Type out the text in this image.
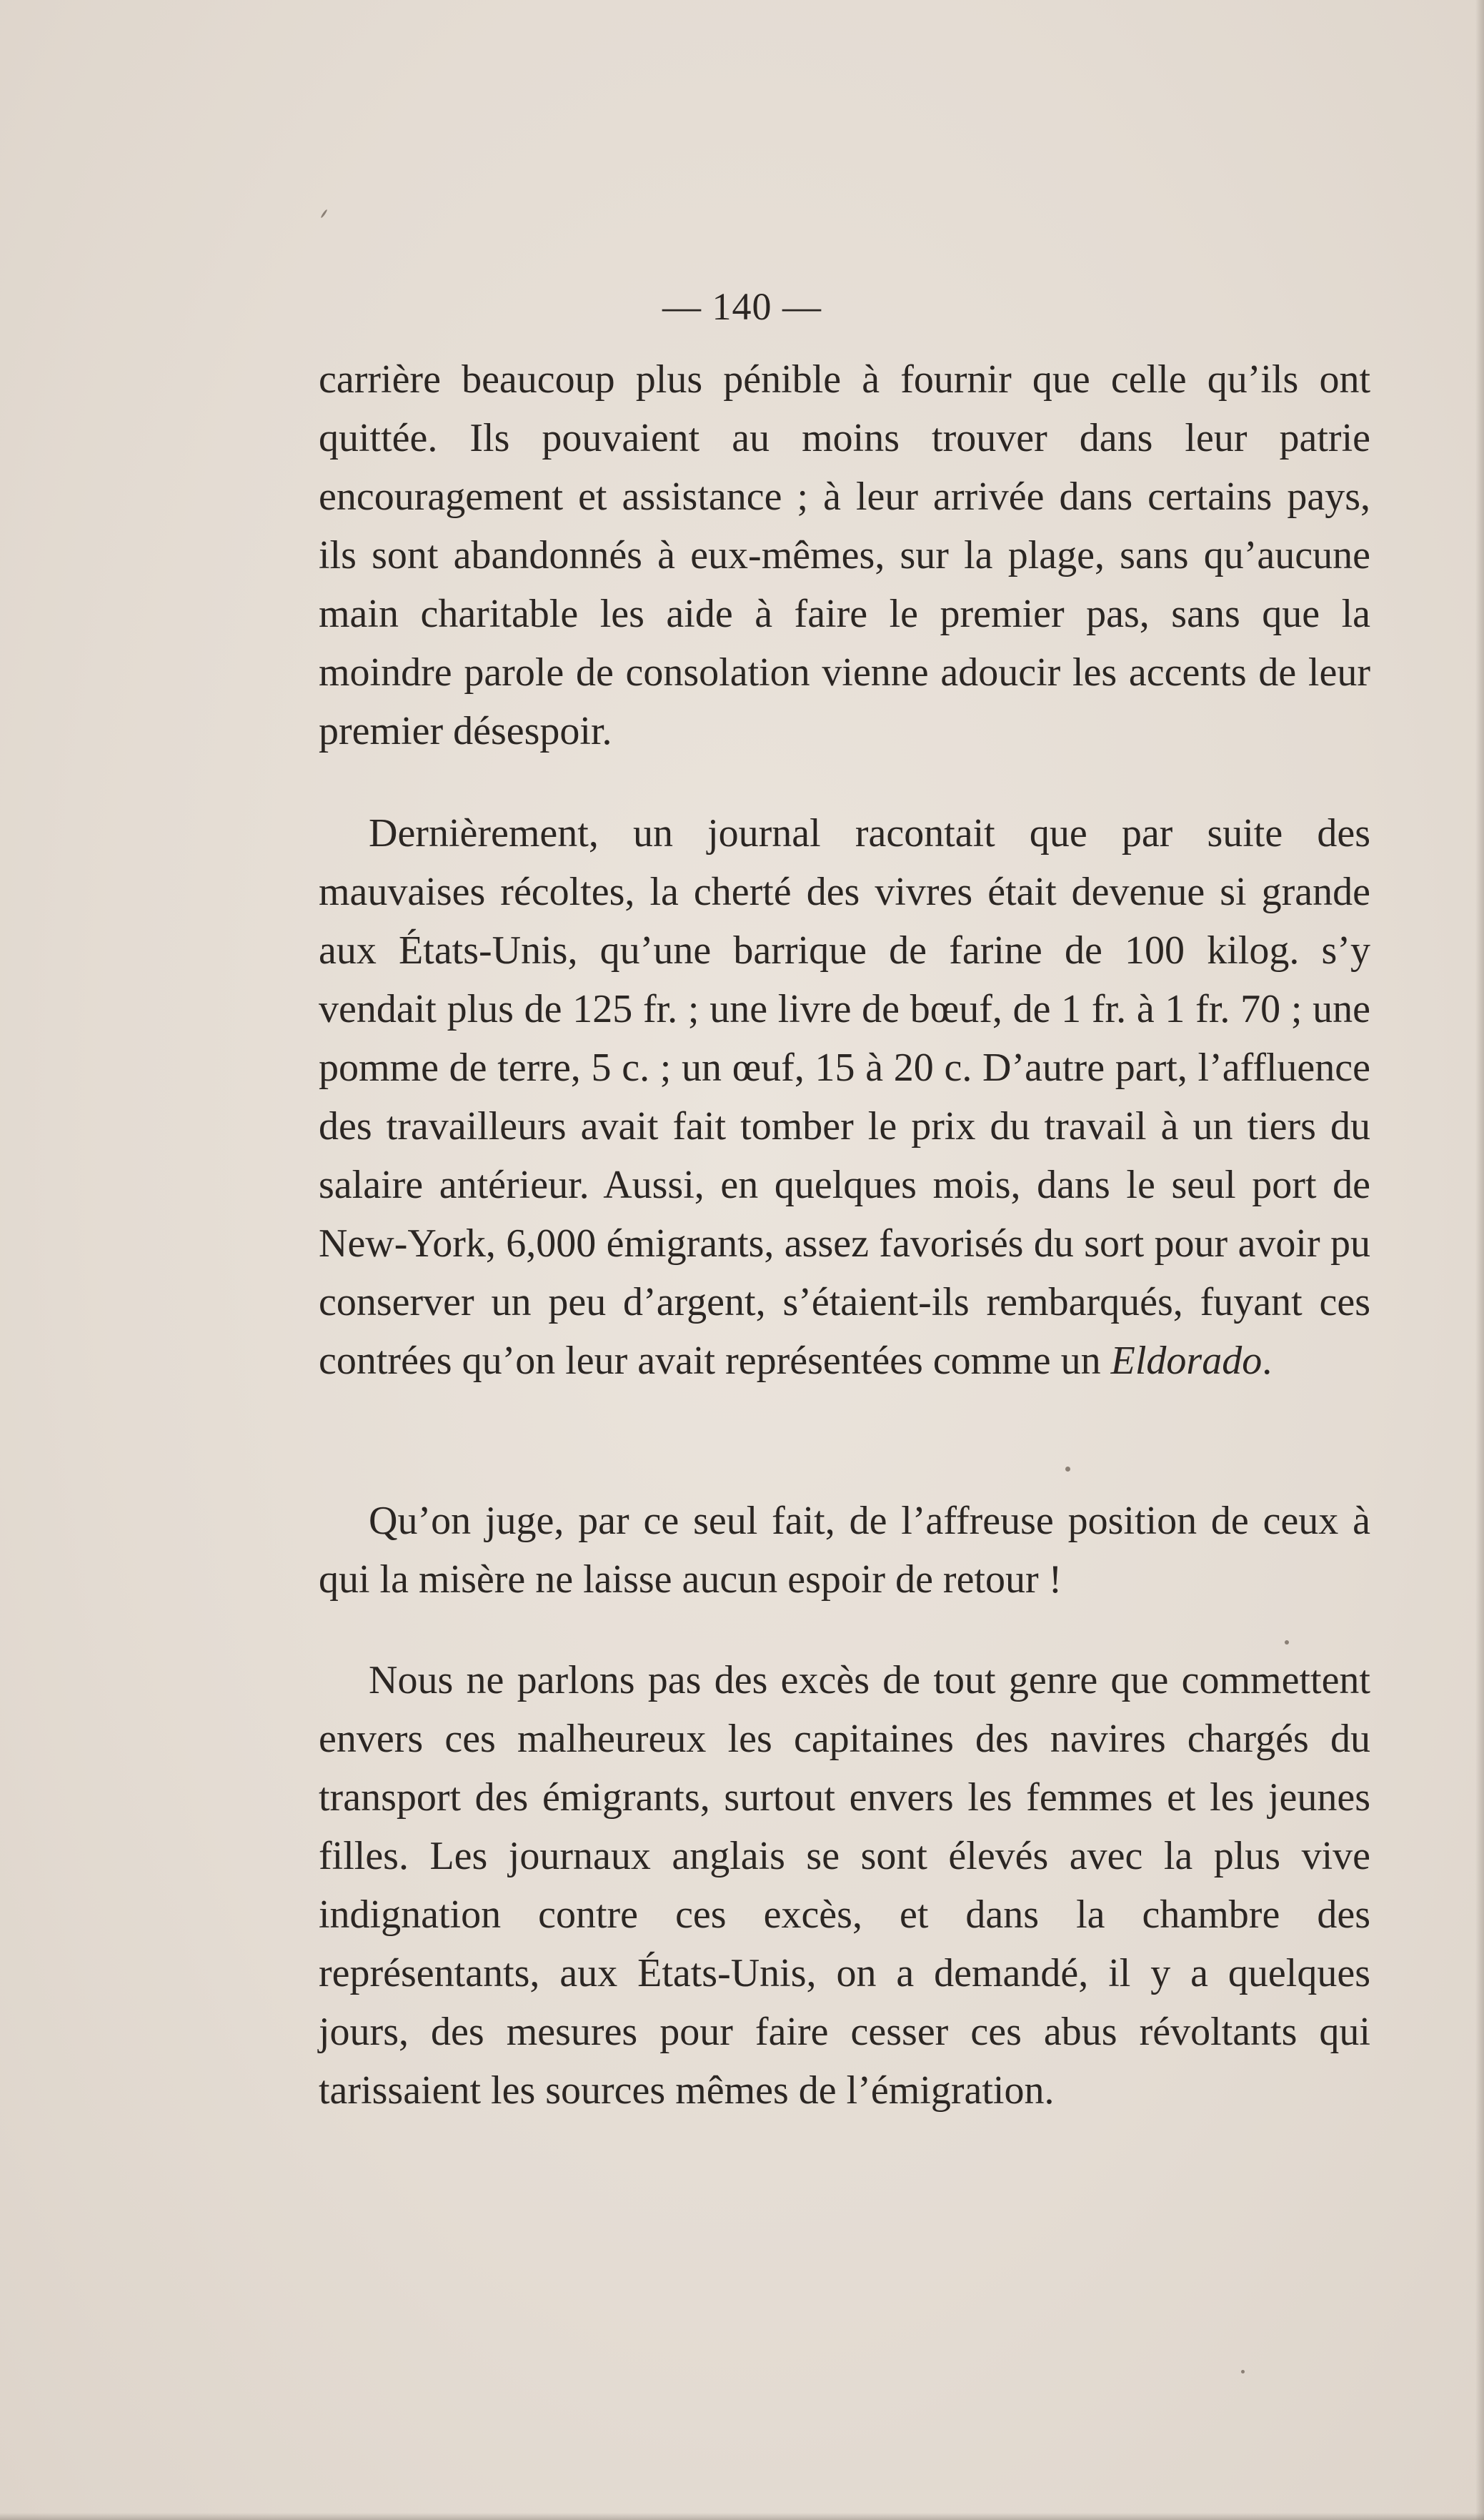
— 140 —

carrière beaucoup plus pénible à fournir que celle qu’ils ont quittée. Ils pouvaient au moins trouver dans leur patrie encouragement et assistance ; à leur arrivée dans certains pays, ils sont abandonnés à eux-mêmes, sur la plage, sans qu’aucune main charitable les aide à faire le premier pas, sans que la moindre parole de consolation vienne adoucir les accents de leur premier désespoir.

Dernièrement, un journal racontait que par suite des mauvaises récoltes, la cherté des vivres était devenue si grande aux États-Unis, qu’une barrique de farine de 100 kilog. s’y vendait plus de 125 fr. ; une livre de bœuf, de 1 fr. à 1 fr. 70 ; une pomme de terre, 5 c. ; un œuf, 15 à 20 c. D’autre part, l’affluence des travailleurs avait fait tomber le prix du travail à un tiers du salaire antérieur. Aussi, en quelques mois, dans le seul port de New-York, 6,000 émigrants, assez favorisés du sort pour avoir pu conserver un peu d’argent, s’étaient-ils rembarqués, fuyant ces contrées qu’on leur avait représentées comme un Eldorado.

Qu’on juge, par ce seul fait, de l’affreuse position de ceux à qui la misère ne laisse aucun espoir de retour !

Nous ne parlons pas des excès de tout genre que commettent envers ces malheureux les capitaines des navires chargés du transport des émigrants, surtout envers les femmes et les jeunes filles. Les journaux anglais se sont élevés avec la plus vive indignation contre ces excès, et dans la chambre des représentants, aux États-Unis, on a demandé, il y a quelques jours, des mesures pour faire cesser ces abus révoltants qui tarissaient les sources mêmes de l’émigration.
